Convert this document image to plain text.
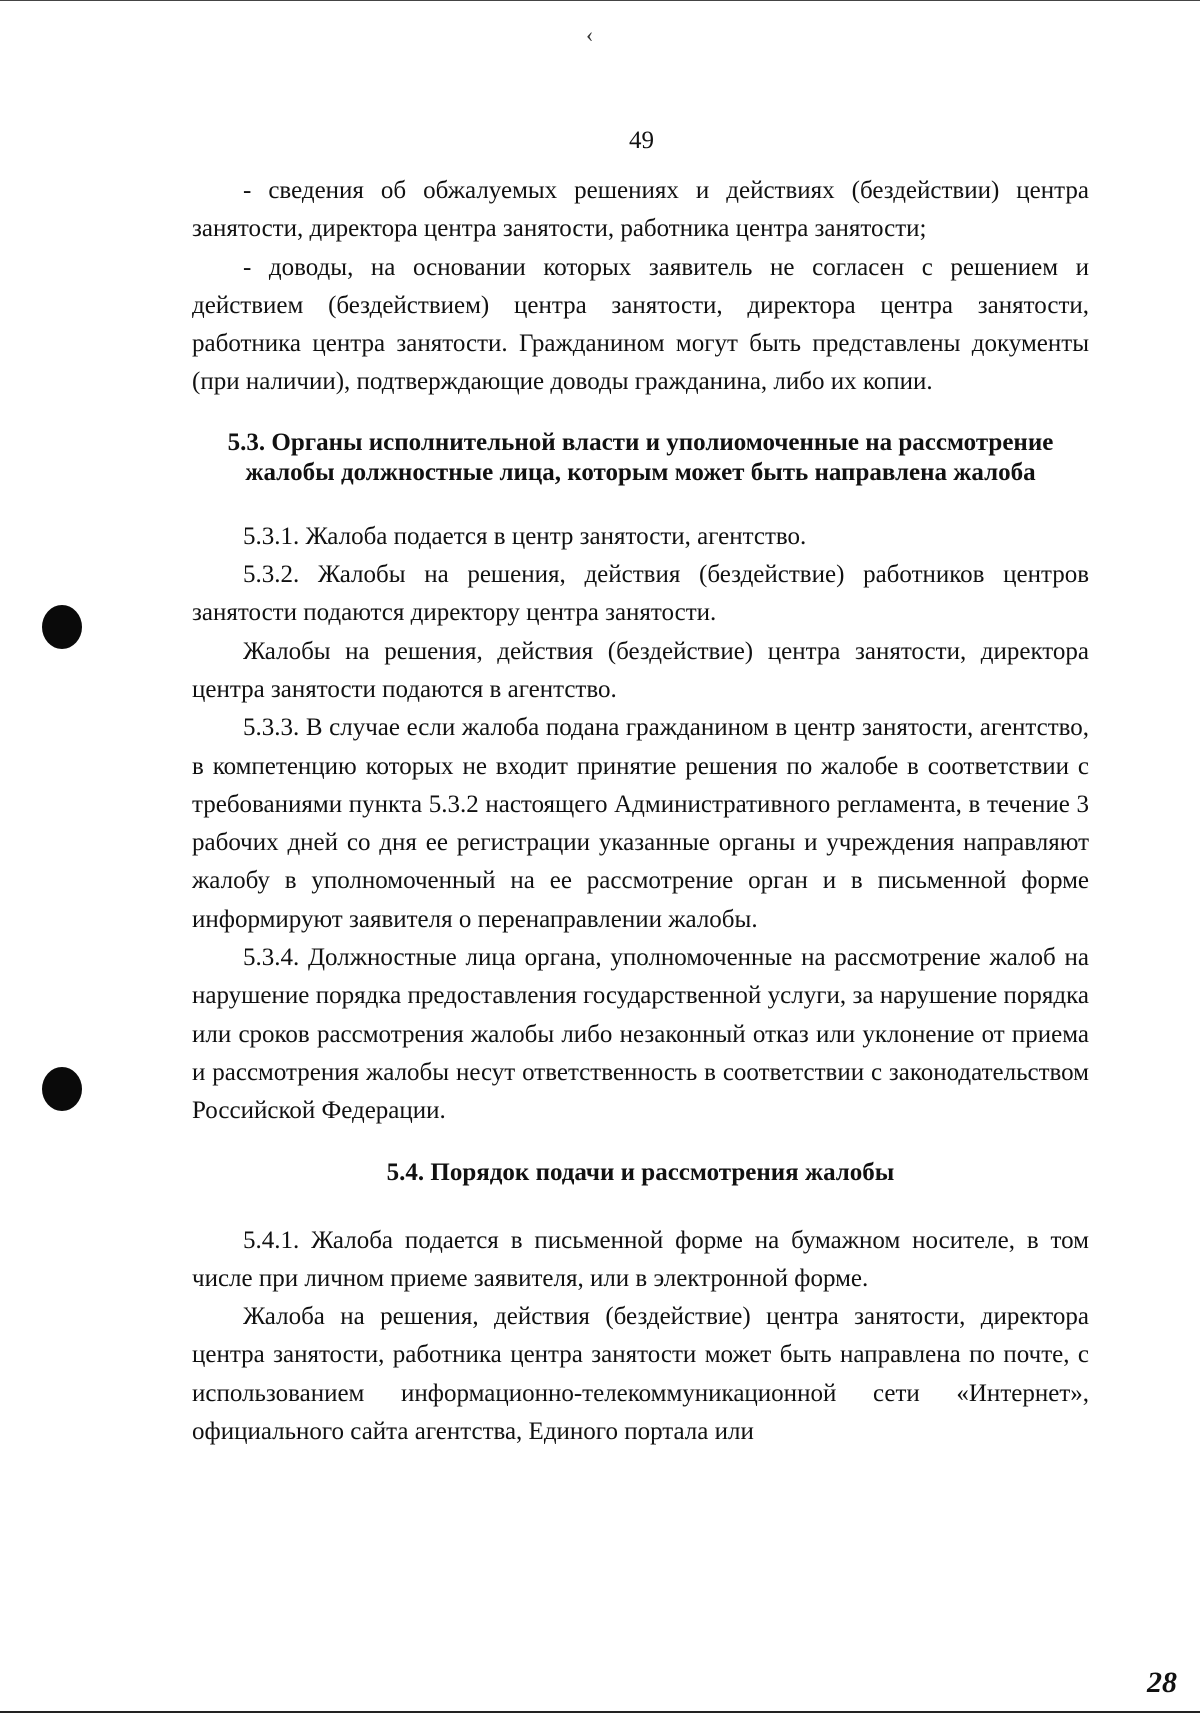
‹
49

- сведения об обжалуемых решениях и действиях (бездействии) центра занятости, директора центра занятости, работника центра занятости;

- доводы, на основании которых заявитель не согласен с решением и действием (бездействием) центра занятости, директора центра занятости, работника центра занятости. Гражданином могут быть представлены документы (при наличии), подтверждающие доводы гражданина, либо их копии.

5.3. Органы исполнительной власти и уполиомоченные на рассмотрение жалобы должностные лица, которым может быть направлена жалоба

5.3.1. Жалоба подается в центр занятости, агентство.

5.3.2. Жалобы на решения, действия (бездействие) работников центров занятости подаются директору центра занятости.

Жалобы на решения, действия (бездействие) центра занятости, директора центра занятости подаются в агентство.

5.3.3. В случае если жалоба подана гражданином в центр занятости, агентство, в компетенцию которых не входит принятие решения по жалобе в соответствии с требованиями пункта 5.3.2 настоящего Административного регламента, в течение 3 рабочих дней со дня ее регистрации указанные органы и учреждения направляют жалобу в уполномоченный на ее рассмотрение орган и в письменной форме информируют заявителя о перенаправлении жалобы.

5.3.4. Должностные лица органа, уполномоченные на рассмотрение жалоб на нарушение порядка предоставления государственной услуги, за нарушение порядка или сроков рассмотрения жалобы либо незаконный отказ или уклонение от приема и рассмотрения жалобы несут ответственность в соответствии с законодательством Российской Федерации.

5.4. Порядок подачи и рассмотрения жалобы

5.4.1. Жалоба подается в письменной форме на бумажном носителе, в том числе при личном приеме заявителя, или в электронной форме.

Жалоба на решения, действия (бездействие) центра занятости, директора центра занятости, работника центра занятости может быть направлена по почте, с использованием информационно-телекоммуникационной сети «Интернет», официального сайта агентства, Единого портала или

28
